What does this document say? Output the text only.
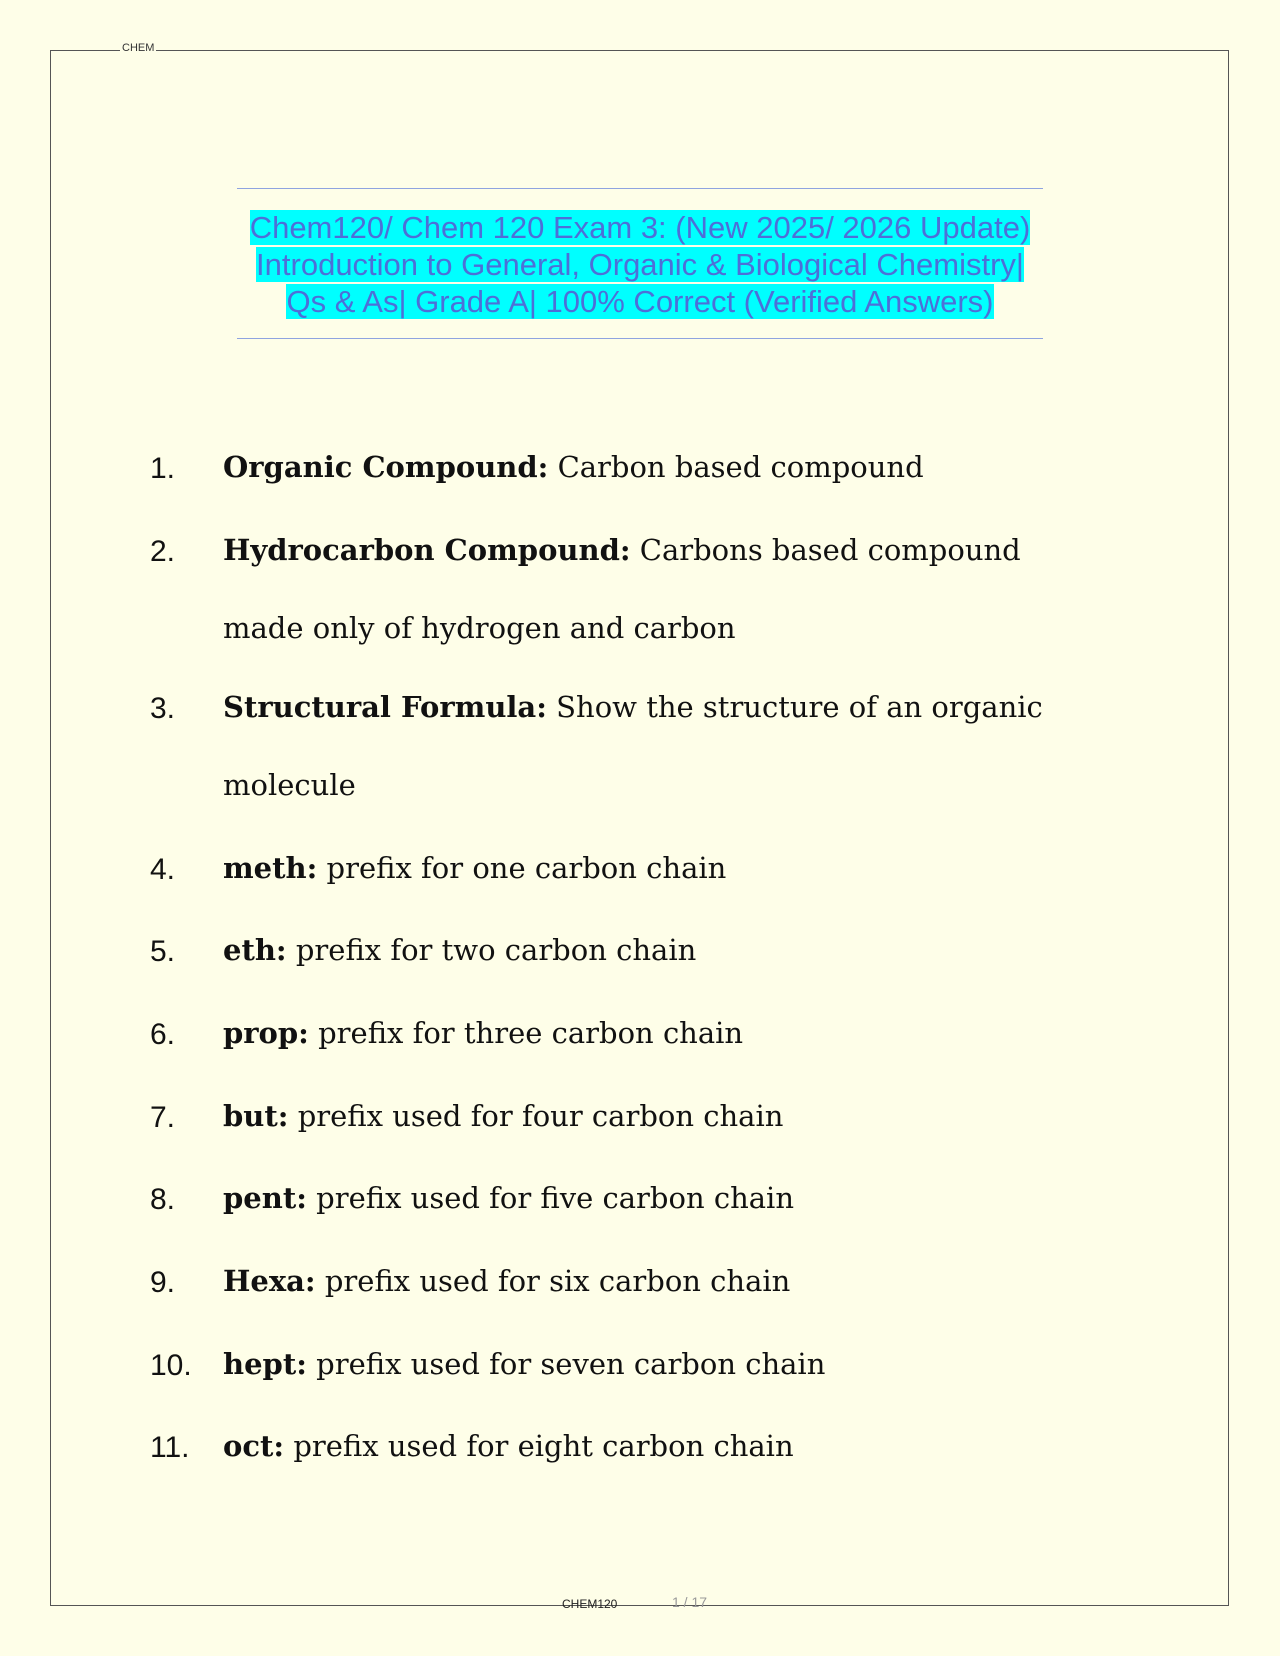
CHEM
Chem120/ Chem 120 Exam 3: (New 2025/ 2026 Update) Introduction to General, Organic & Biological Chemistry| Qs & As| Grade A| 100% Correct (Verified Answers)
1. Organic Compound: Carbon based compound
2. Hydrocarbon Compound: Carbons based compound made only of hydrogen and carbon
3. Structural Formula: Show the structure of an organic molecule
4. meth: prefix for one carbon chain
5. eth: prefix for two carbon chain
6. prop: prefix for three carbon chain
7. but: prefix used for four carbon chain
8. pent: prefix used for five carbon chain
9. Hexa: prefix used for six carbon chain
10. hept: prefix used for seven carbon chain
11. oct: prefix used for eight carbon chain
CHEM120	1 / 17
